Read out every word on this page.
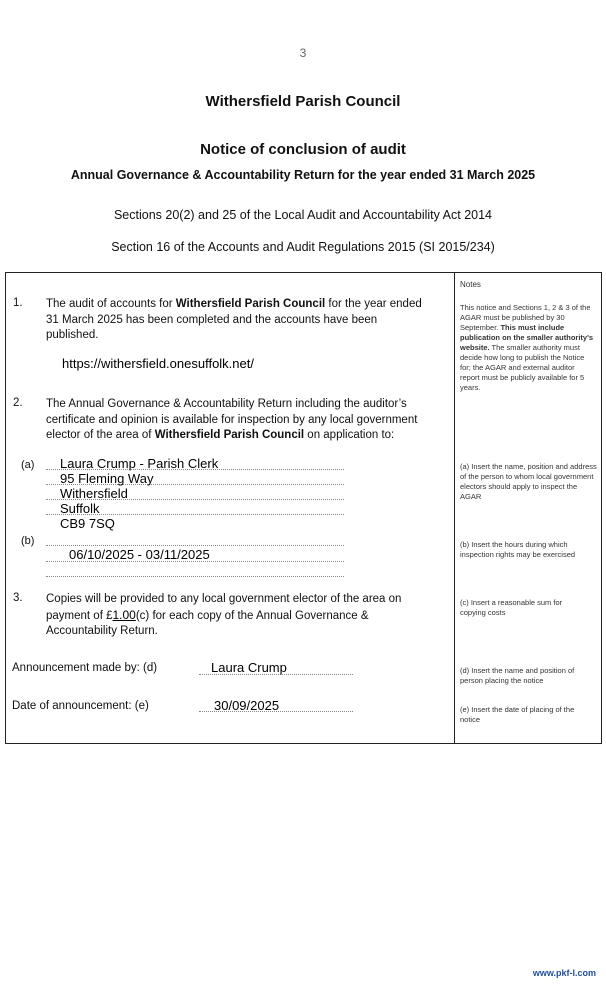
3
Withersfield Parish Council
Notice of conclusion of audit
Annual Governance & Accountability Return for the year ended 31 March 2025
Sections 20(2) and 25 of the Local Audit and Accountability Act 2014
Section 16 of the Accounts and Audit Regulations 2015 (SI 2015/234)
1. The audit of accounts for Withersfield Parish Council for the year ended
31 March 2025 has been completed and the accounts have been
published.
https://withersfield.onesuffolk.net/
2. The Annual Governance & Accountability Return including the auditor’s
certificate and opinion is available for inspection by any local government
elector of the area of Withersfield Parish Council on application to:
(a) Laura Crump - Parish Clerk
95 Fleming Way
Withersfield
Suffolk
CB9 7SQ
(b)
06/10/2025 - 03/11/2025
3. Copies will be provided to any local government elector of the area on
payment of £1.00(c) for each copy of the Annual Governance &
Accountability Return.
Announcement made by: (d)	Laura Crump
Date of announcement: (e)	30/09/2025
Notes
This notice and Sections 1, 2 & 3 of the AGAR must be published by 30 September. This must include publication on the smaller authority's website. The smaller authority must decide how long to publish the Notice for; the AGAR and external auditor report must be publicly available for 5 years.
(a) Insert the name, position and address of the person to whom local government electors should apply to inspect the AGAR
(b) Insert the hours during which inspection rights may be exercised
(c) Insert a reasonable sum for copying costs
(d) Insert the name and position of person placing the notice
(e) Insert the date of placing of the notice
www.pkf-l.com
